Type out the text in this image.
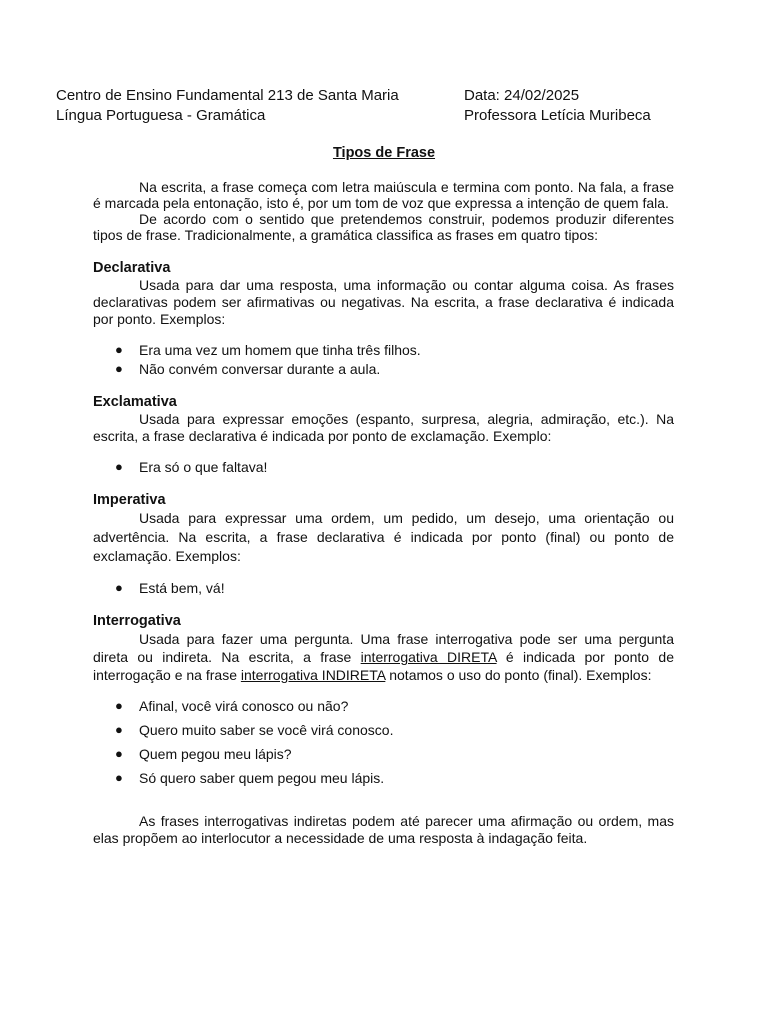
Centro de Ensino Fundamental 213 de Santa Maria	Data: 24/02/2025
Língua Portuguesa - Gramática	Professora Letícia Muribeca
Tipos de Frase

Na escrita, a frase começa com letra maiúscula e termina com ponto. Na fala, a frase é marcada pela entonação, isto é, por um tom de voz que expressa a intenção de quem fala.

De acordo com o sentido que pretendemos construir, podemos produzir diferentes tipos de frase. Tradicionalmente, a gramática classifica as frases em quatro tipos:

Declarativa

Usada para dar uma resposta, uma informação ou contar alguma coisa. As frases declarativas podem ser afirmativas ou negativas. Na escrita, a frase declarativa é indicada por ponto. Exemplos:

● Era uma vez um homem que tinha três filhos.
● Não convém conversar durante a aula.
Exclamativa

Usada para expressar emoções (espanto, surpresa, alegria, admiração, etc.). Na escrita, a frase declarativa é indicada por ponto de exclamação. Exemplo:

● Era só o que faltava!
Imperativa

Usada para expressar uma ordem, um pedido, um desejo, uma orientação ou advertência. Na escrita, a frase declarativa é indicada por ponto (final) ou ponto de exclamação. Exemplos:

● Está bem, vá!
Interrogativa

Usada para fazer uma pergunta. Uma frase interrogativa pode ser uma pergunta direta ou indireta. Na escrita, a frase interrogativa DIRETA é indicada por ponto de interrogação e na frase interrogativa INDIRETA notamos o uso do ponto (final). Exemplos:

● Afinal, você virá conosco ou não?
● Quero muito saber se você virá conosco.
● Quem pegou meu lápis?
● Só quero saber quem pegou meu lápis.

As frases interrogativas indiretas podem até parecer uma afirmação ou ordem, mas elas propõem ao interlocutor a necessidade de uma resposta à indagação feita.
